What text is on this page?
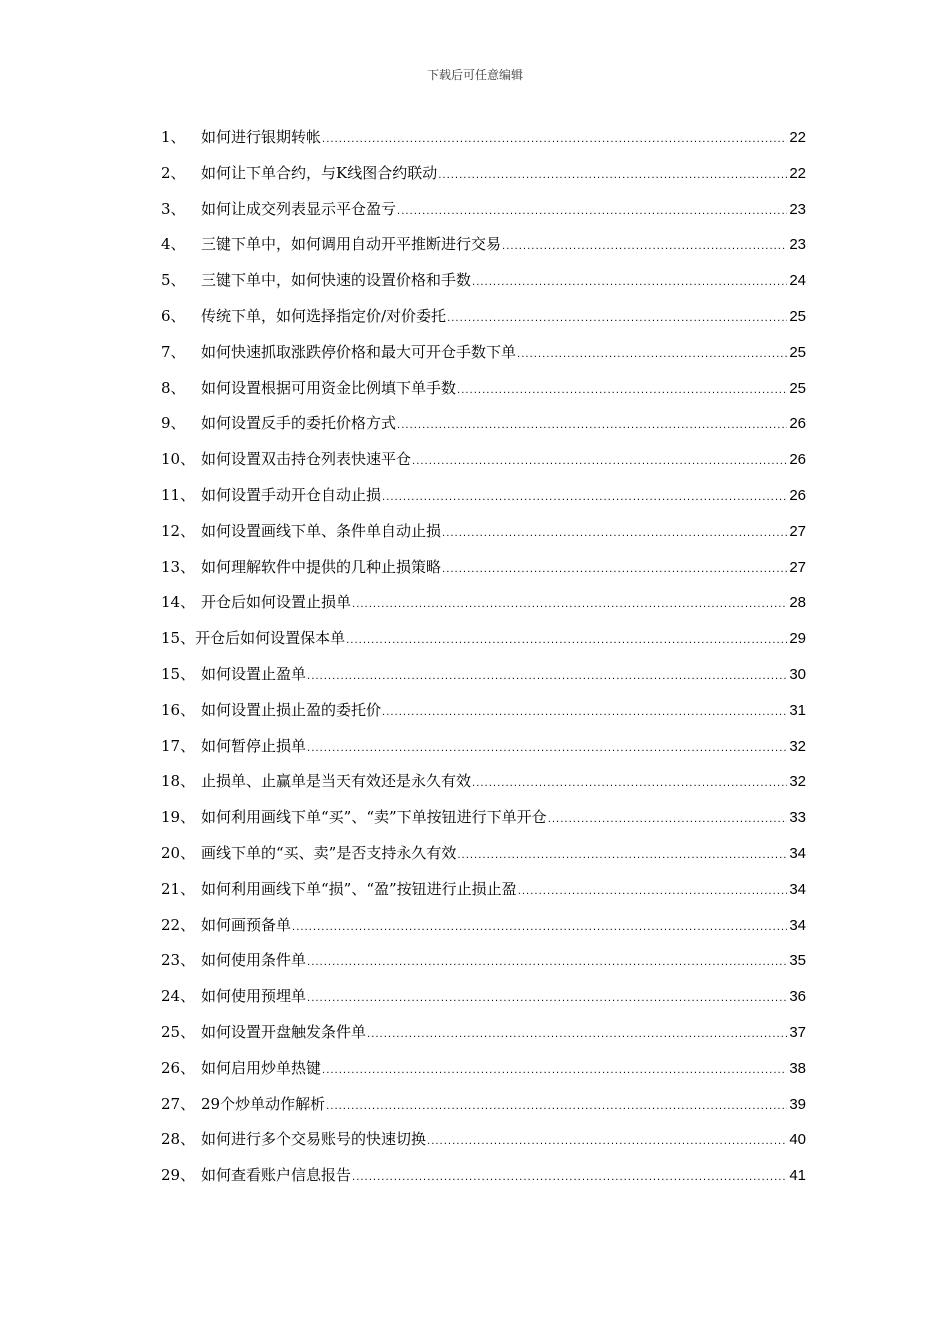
下载后可任意编辑
1、	如何进行银期转帐 .....	22
2、	如何让下单合约，与K线图合约联动 .....	22
3、	如何让成交列表显示平仓盈亏 .....	23
4、	三键下单中，如何调用自动开平推断进行交易 .....	23
5、	三键下单中，如何快速的设置价格和手数 .....	24
6、	传统下单，如何选择指定价/对价委托 .....	25
7、	如何快速抓取涨跌停价格和最大可开仓手数下单 .....	25
8、	如何设置根据可用资金比例填下单手数 .....	25
9、	如何设置反手的委托价格方式 .....	26
10、 如何设置双击持仓列表快速平仓 .....	26
11、 如何设置手动开仓自动止损 .....	26
12、 如何设置画线下单、条件单自动止损 .....	27
13、 如何理解软件中提供的几种止损策略 .....	27
14、 开仓后如何设置止损单 .....	28
15、 开仓后如何设置保本单 .....	29
15、 如何设置止盈单 .....	30
16、 如何设置止损止盈的委托价 .....	31
17、 如何暂停止损单 .....	32
18、 止损单、止赢单是当天有效还是永久有效 .....	32
19、 如何利用画线下单“买”、“卖”下单按钮进行下单开仓 .....	33
20、 画线下单的“买、卖”是否支持永久有效 .....	34
21、 如何利用画线下单“损”、“盈”按钮进行止损止盈 .....	34
22、 如何画预备单 .....	34
23、 如何使用条件单 .....	35
24、 如何使用预埋单 .....	36
25、 如何设置开盘触发条件单 .....	37
26、 如何启用炒单热键 .....	38
27、 29个炒单动作解析 .....	39
28、 如何进行多个交易账号的快速切换 .....	40
29、 如何查看账户信息报告 .....	41
